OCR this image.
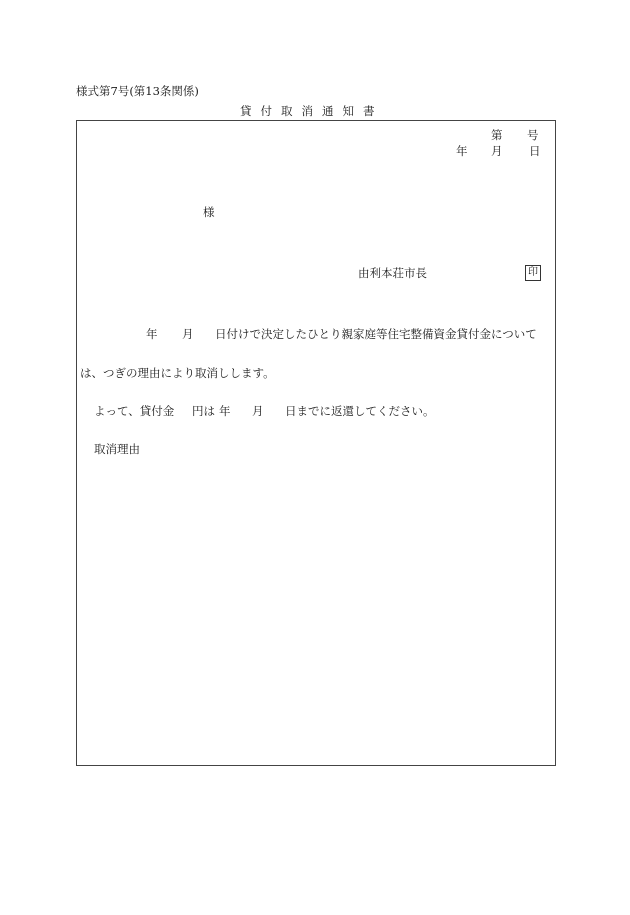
様式第7号(第13条関係)
貸付取消通知書
第 号
年 月 日
様
由利本荘市長	印
年 月 日付けで決定したひとり親家庭等住宅整備資金貸付金について
は、つぎの理由により取消しします。
よって、貸付金 円は 年 月 日までに返還してください。
取消理由
